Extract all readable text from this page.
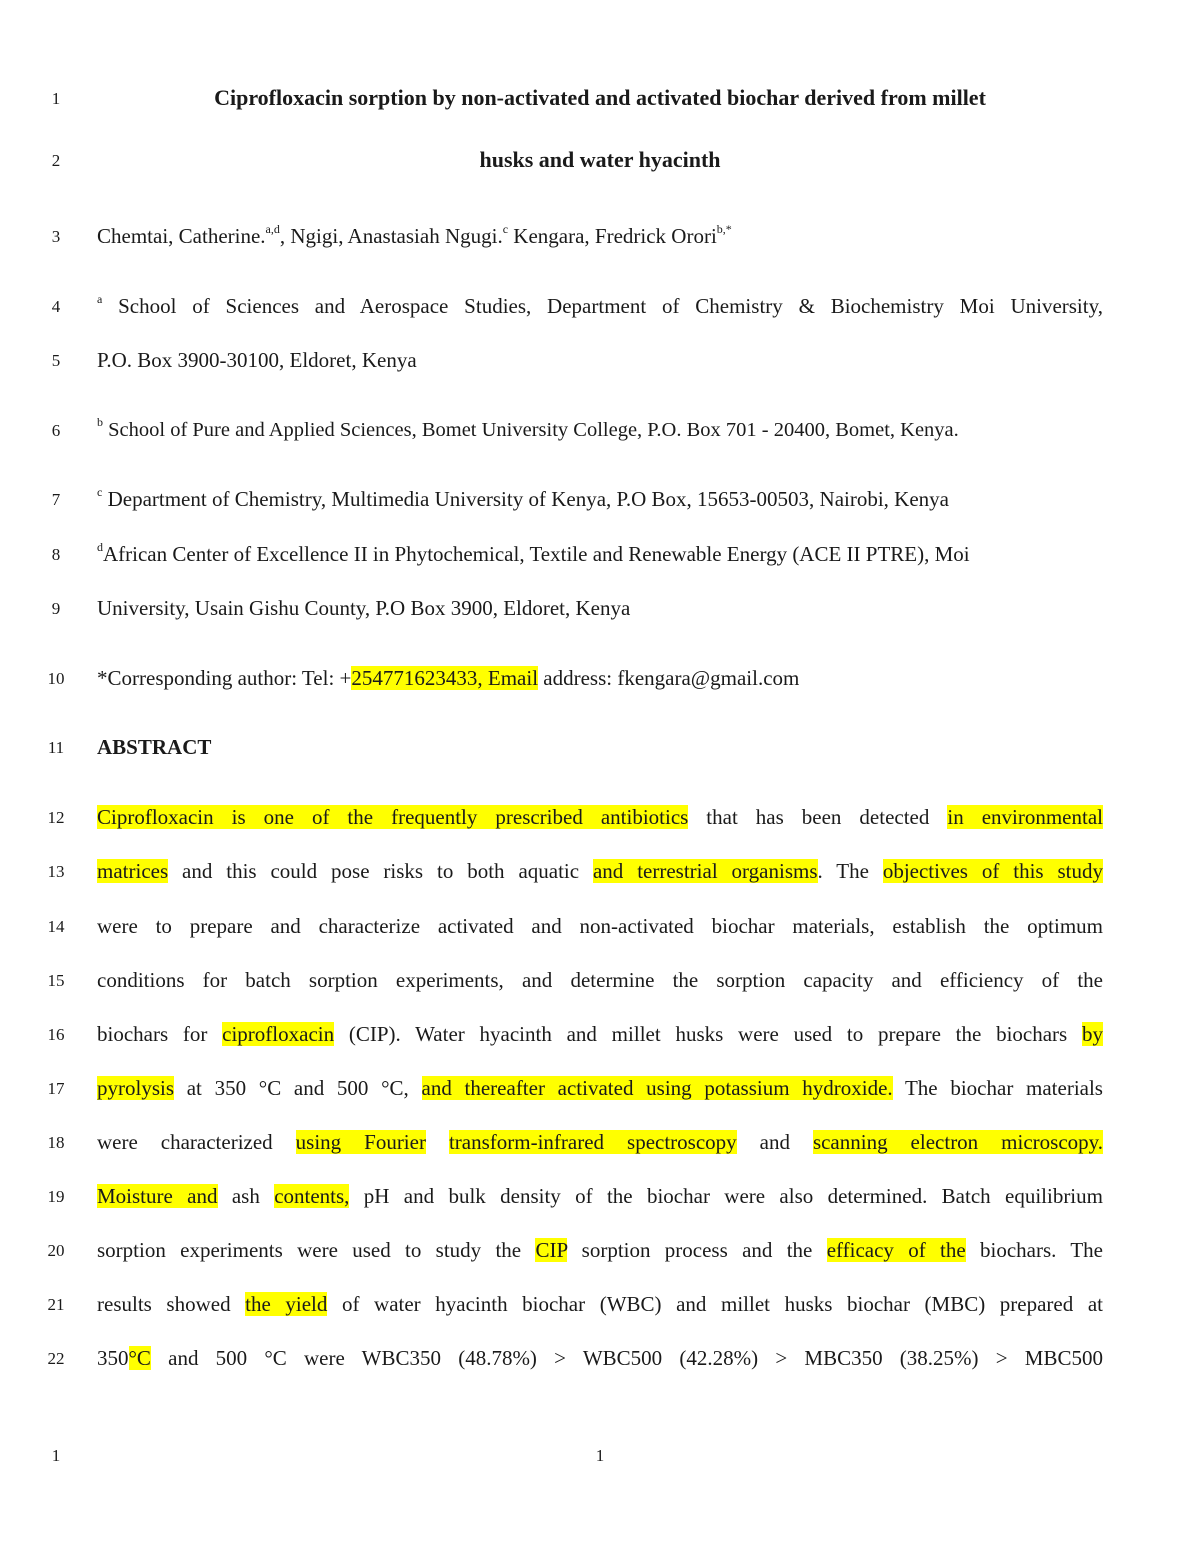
1
2
3
4
5
6
7
8
9
10
11
12
13
14
15
16
17
18
19
20
21
22
Ciprofloxacin sorption by non-activated and activated biochar derived from millet
husks and water hyacinth
Chemtai, Catherine.$^{a,d}$, Ngigi, Anastasiah Ngugi.$^c$ Kengara, Fredrick Orori$^{b,*}$
$^a$ School of Sciences and Aerospace Studies, Department of Chemistry & Biochemistry Moi University,
P.O. Box 3900-30100, Eldoret, Kenya
$^b$ School of Pure and Applied Sciences, Bomet University College, P.O. Box 701 - 20400, Bomet, Kenya.
$^c$ Department of Chemistry, Multimedia University of Kenya, P.O Box, 15653-00503, Nairobi, Kenya
$^d$African Center of Excellence II in Phytochemical, Textile and Renewable Energy (ACE II PTRE), Moi
University, Usain Gishu County, P.O Box 3900, Eldoret, Kenya
*Corresponding author: Tel: +254771623433, Email address: fkengara@gmail.com
ABSTRACT
Ciprofloxacin is one of the frequently prescribed antibiotics that has been detected in environmental
matrices and this could pose risks to both aquatic and terrestrial organisms. The objectives of this study
were to prepare and characterize activated and non-activated biochar materials, establish the optimum
conditions for batch sorption experiments, and determine the sorption capacity and efficiency of the
biochars for ciprofloxacin (CIP). Water hyacinth and millet husks were used to prepare the biochars by
pyrolysis at 350 °C and 500 °C, and thereafter activated using potassium hydroxide. The biochar materials
were characterized using Fourier transform-infrared spectroscopy and scanning electron microscopy.
Moisture and ash contents, pH and bulk density of the biochar were also determined. Batch equilibrium
sorption experiments were used to study the CIP sorption process and the efficacy of the biochars. The
results showed the yield of water hyacinth biochar (WBC) and millet husks biochar (MBC) prepared at
350°C and 500 °C were WBC350 (48.78%) > WBC500 (42.28%) > MBC350 (38.25%) > MBC500
1	1
